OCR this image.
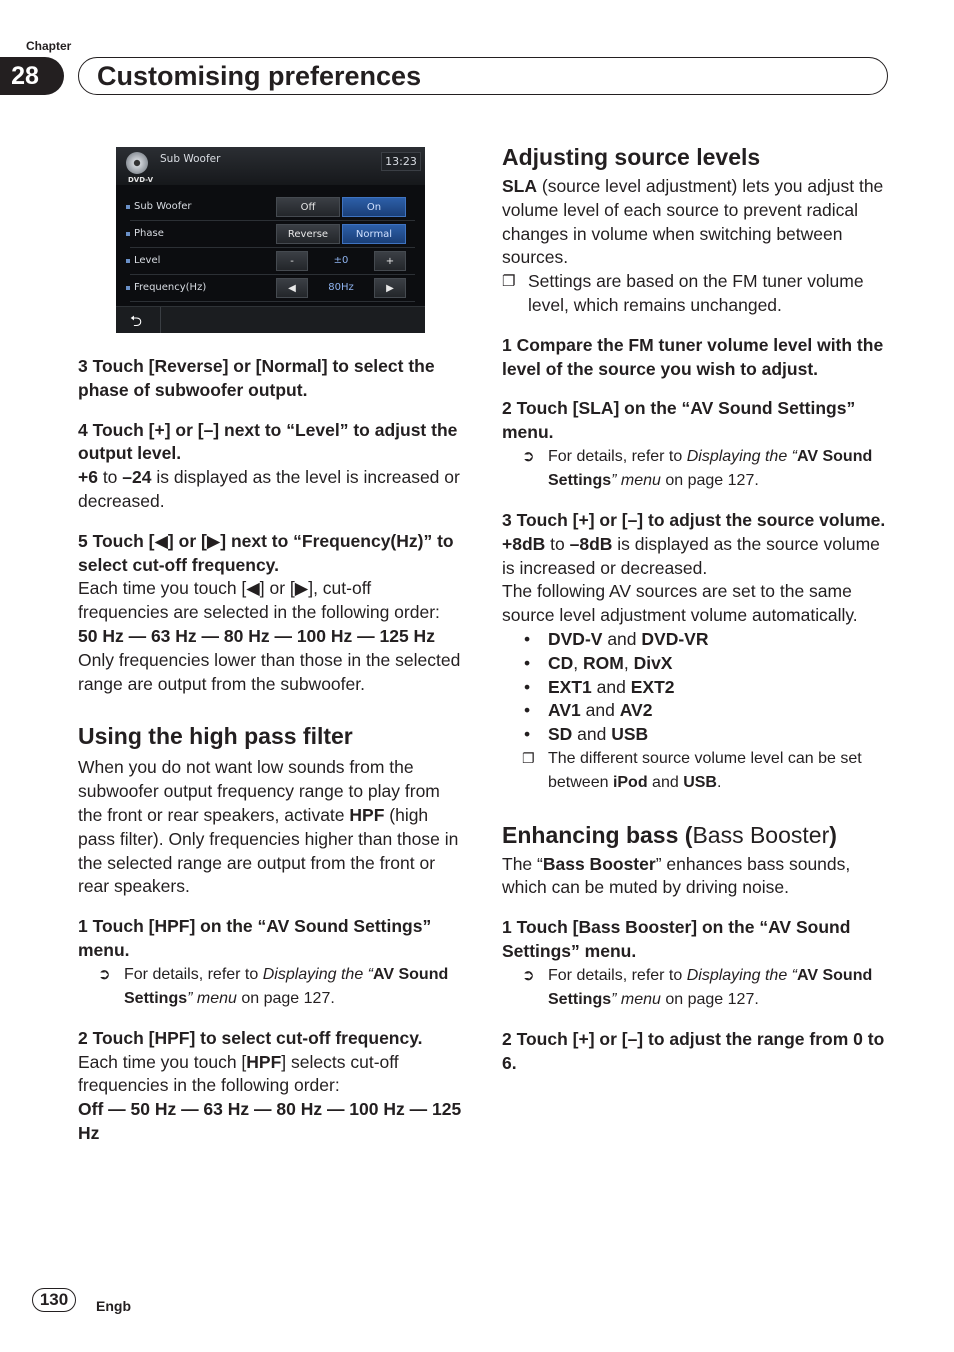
Chapter
28	Customising preferences
DVD-V
Sub Woofer	13:23
Sub Woofer	Off	On
Phase	Reverse	Normal
Level	-	±0	+
Frequency(Hz)	◀	80Hz	▶
⮌

3 Touch [Reverse] or [Normal] to select the phase of subwoofer output.

4 Touch [+] or [–] next to “Level” to adjust the output level.

+6 to –24 is displayed as the level is increased or decreased.

5 Touch [◀] or [▶] next to “Frequency(Hz)” to select cut-off frequency.

Each time you touch [◀] or [▶], cut-off frequencies are selected in the following order:

50 Hz — 63 Hz — 80 Hz — 100 Hz — 125 Hz

Only frequencies lower than those in the selected range are output from the subwoofer.

Using the high pass filter

When you do not want low sounds from the subwoofer output frequency range to play from the front or rear speakers, activate HPF (high pass filter). Only frequencies higher than those in the selected range are output from the front or rear speakers.

1 Touch [HPF] on the “AV Sound Settings” menu.

➲ For details, refer to Displaying the “AV Sound Settings” menu on page 127.

2 Touch [HPF] to select cut-off frequency.

Each time you touch [HPF] selects cut-off frequencies in the following order:

Off — 50 Hz — 63 Hz — 80 Hz — 100 Hz — 125 Hz

Adjusting source levels

SLA (source level adjustment) lets you adjust the volume level of each source to prevent radical changes in volume when switching between sources.

❐ Settings are based on the FM tuner volume level, which remains unchanged.

1 Compare the FM tuner volume level with the level of the source you wish to adjust.

2 Touch [SLA] on the “AV Sound Settings” menu.

➲ For details, refer to Displaying the “AV Sound Settings” menu on page 127.

3 Touch [+] or [–] to adjust the source volume.

+8dB to –8dB is displayed as the source volume is increased or decreased.

The following AV sources are set to the same source level adjustment volume automatically.

• DVD-V and DVD-VR

• CD, ROM, DivX

• EXT1 and EXT2

• AV1 and AV2

• SD and USB

❐ The different source volume level can be set between iPod and USB.

Enhancing bass (Bass Booster)

The “Bass Booster” enhances bass sounds, which can be muted by driving noise.

1 Touch [Bass Booster] on the “AV Sound Settings” menu.

➲ For details, refer to Displaying the “AV Sound Settings” menu on page 127.

2 Touch [+] or [–] to adjust the range from 0 to 6.

130	Engb
